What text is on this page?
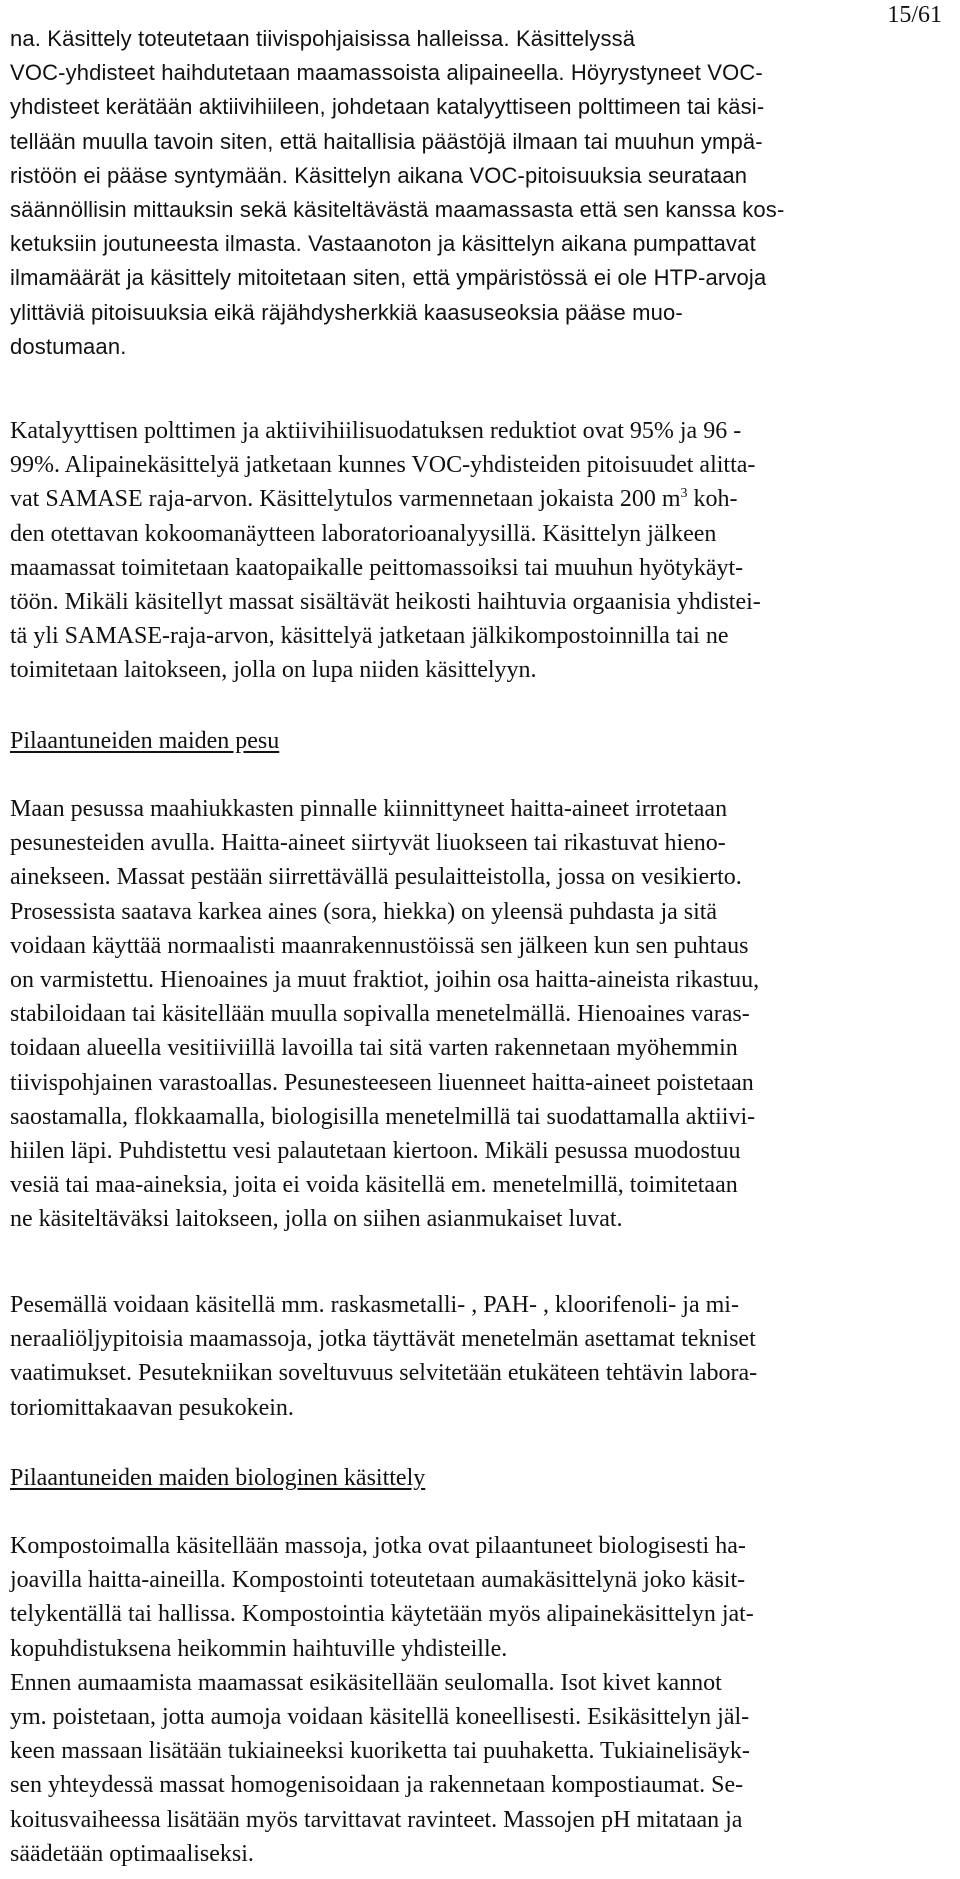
15/61
na. Käsittely toteutetaan tiivispohjaisissa halleissa. Käsittelyssä
VOC-yhdisteet haihdutetaan maamassoista alipaineella. Höyrystyneet VOC-
yhdisteet kerätään aktiivihiileen, johdetaan katalyyttiseen polttimeen tai käsi-
tellään muulla tavoin siten, että haitallisia päästöjä ilmaan tai muuhun ympä-
ristöön ei pääse syntymään. Käsittelyn aikana VOC-pitoisuuksia seurataan
säännöllisin mittauksin sekä käsiteltävästä maamassasta että sen kanssa kos-
ketuksiin joutuneesta ilmasta. Vastaanoton ja käsittelyn aikana pumpattavat
ilmamäärät ja käsittely mitoitetaan siten, että ympäristössä ei ole HTP-arvoja
ylittäviä pitoisuuksia eikä räjähdysherkkiä kaasuseoksia pääse muo-
dostumaan.
Katalyyttisen polttimen ja aktiivihiilisuodatuksen reduktiot ovat 95% ja 96 -
99%. Alipainekäsittelyä jatketaan kunnes VOC-yhdisteiden pitoisuudet alitta-
vat SAMASE raja-arvon. Käsittelytulos varmennetaan jokaista 200 $m^3$ koh-
den otettavan kokoomanäytteen laboratorioanalyysillä. Käsittelyn jälkeen
maamassat toimitetaan kaatopaikalle peittomassoiksi tai muuhun hyötykäyt-
töön. Mikäli käsitellyt massat sisältävät heikosti haihtuvia orgaanisia yhdistei-
tä yli SAMASE-raja-arvon, käsittelyä jatketaan jälkikompostoinnilla tai ne
toimitetaan laitokseen, jolla on lupa niiden käsittelyyn.
Pilaantuneiden maiden pesu
Maan pesussa maahiukkasten pinnalle kiinnittyneet haitta-aineet irrotetaan
pesunesteiden avulla. Haitta-aineet siirtyvät liuokseen tai rikastuvat hieno-
ainekseen. Massat pestään siirrettävällä pesulaitteistolla, jossa on vesikierto.
Prosessista saatava karkea aines (sora, hiekka) on yleensä puhdasta ja sitä
voidaan käyttää normaalisti maanrakennustöissä sen jälkeen kun sen puhtaus
on varmistettu. Hienoaines ja muut fraktiot, joihin osa haitta-aineista rikastuu,
stabiloidaan tai käsitellään muulla sopivalla menetelmällä. Hienoaines varas-
toidaan alueella vesitiiviillä lavoilla tai sitä varten rakennetaan myöhemmin
tiivispohjainen varastoallas. Pesunesteeseen liuenneet haitta-aineet poistetaan
saostamalla, flokkaamalla, biologisilla menetelmillä tai suodattamalla aktiivi-
hiilen läpi. Puhdistettu vesi palautetaan kiertoon. Mikäli pesussa muodostuu
vesiä tai maa-aineksia, joita ei voida käsitellä em. menetelmillä, toimitetaan
ne käsiteltäväksi laitokseen, jolla on siihen asianmukaiset luvat.
Pesemällä voidaan käsitellä mm. raskasmetalli- , PAH- , kloorifenoli- ja mi-
neraaliöljypitoisia maamassoja, jotka täyttävät menetelmän asettamat tekniset
vaatimukset. Pesutekniikan soveltuvuus selvitetään etukäteen tehtävin labora-
toriomittakaavan pesukokein.
Pilaantuneiden maiden biologinen käsittely
Kompostoimalla käsitellään massoja, jotka ovat pilaantuneet biologisesti ha-
joavilla haitta-aineilla. Kompostointi toteutetaan aumakäsittelynä joko käsit-
telykentällä tai hallissa. Kompostointia käytetään myös alipainekäsittelyn jat-
kopuhdistuksena heikommin haihtuville yhdisteille.
Ennen aumaamista maamassat esikäsitellään seulomalla. Isot kivet kannot
ym. poistetaan, jotta aumoja voidaan käsitellä koneellisesti. Esikäsittelyn jäl-
keen massaan lisätään tukiaineeksi kuoriketta tai puuhaketta. Tukiainelisäyk-
sen yhteydessä massat homogenisoidaan ja rakennetaan kompostiaumat. Se-
koitusvaiheessa lisätään myös tarvittavat ravinteet. Massojen pH mitataan ja
säädetään optimaaliseksi.
